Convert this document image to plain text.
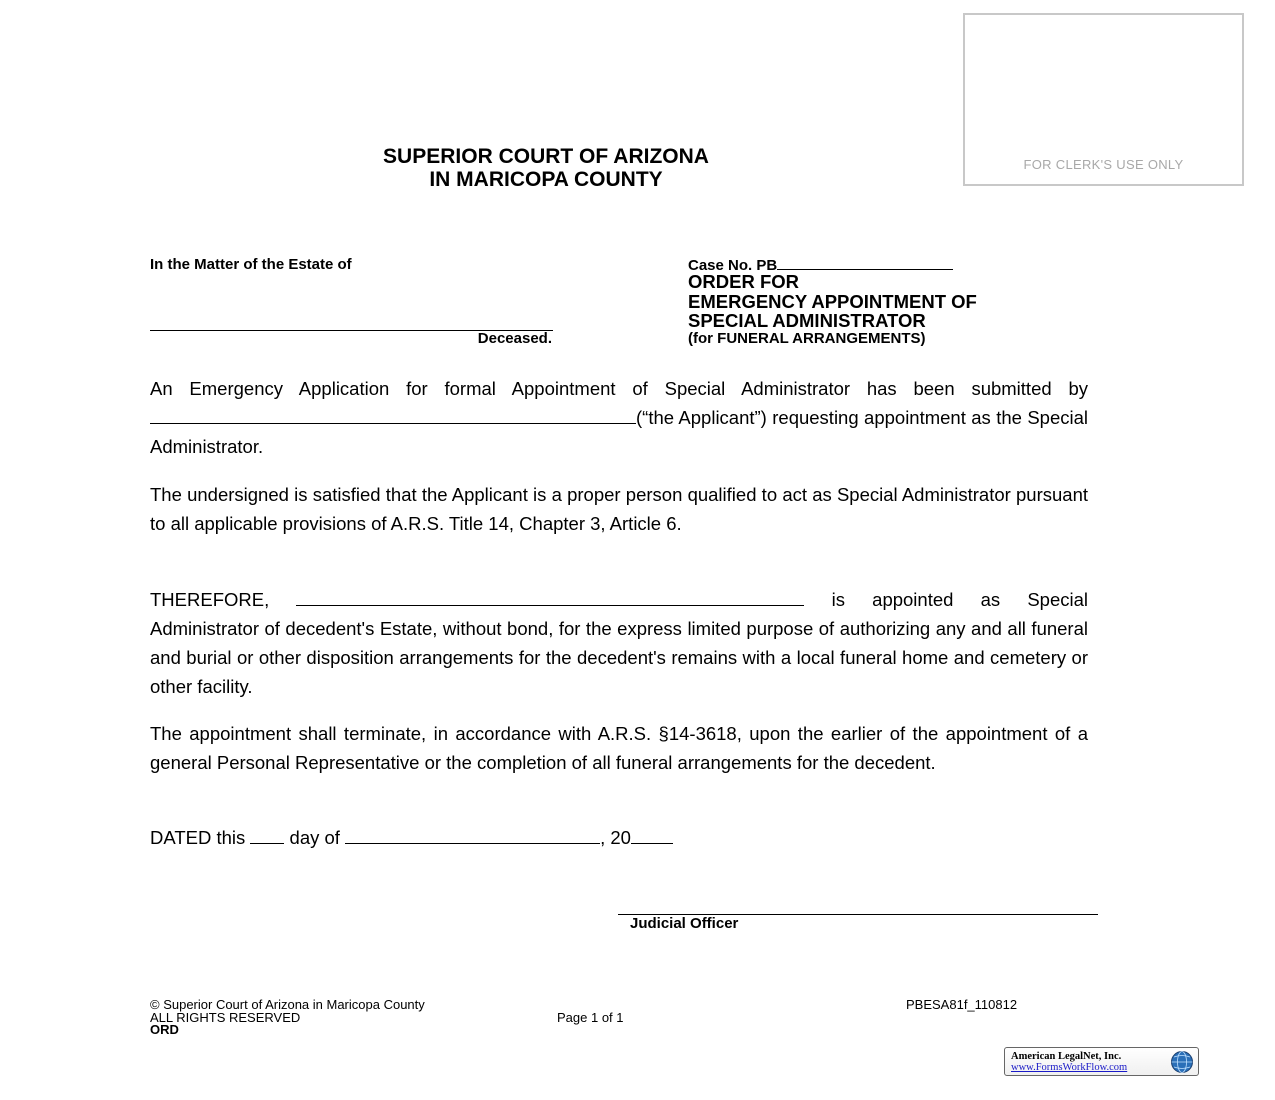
FOR CLERK'S USE ONLY
SUPERIOR COURT OF ARIZONA
IN MARICOPA COUNTY
In the Matter of the Estate of
Deceased.
Case No. PB
ORDER FOR
EMERGENCY APPOINTMENT OF
SPECIAL ADMINISTRATOR
(for FUNERAL ARRANGEMENTS)
An Emergency Application for formal Appointment of Special Administrator has been submitted by (“the Applicant”) requesting appointment as the Special Administrator.
The undersigned is satisfied that the Applicant is a proper person qualified to act as Special Administrator pursuant to all applicable provisions of A.R.S. Title 14, Chapter 3, Article 6.
THEREFORE,	is appointed as Special Administrator of decedent's Estate, without bond, for the express limited purpose of authorizing any and all funeral and burial or other disposition arrangements for the decedent's remains with a local funeral home and cemetery or other facility.
The appointment shall terminate, in accordance with A.R.S. §14-3618, upon the earlier of the appointment of a general Personal Representative or the completion of all funeral arrangements for the decedent.
DATED this day of	, 20
Judicial Officer
© Superior Court of Arizona in Maricopa County
ALL RIGHTS RESERVED
ORD
Page 1 of 1
PBESA81f_110812
American LegalNet, Inc.
www.FormsWorkFlow.com
